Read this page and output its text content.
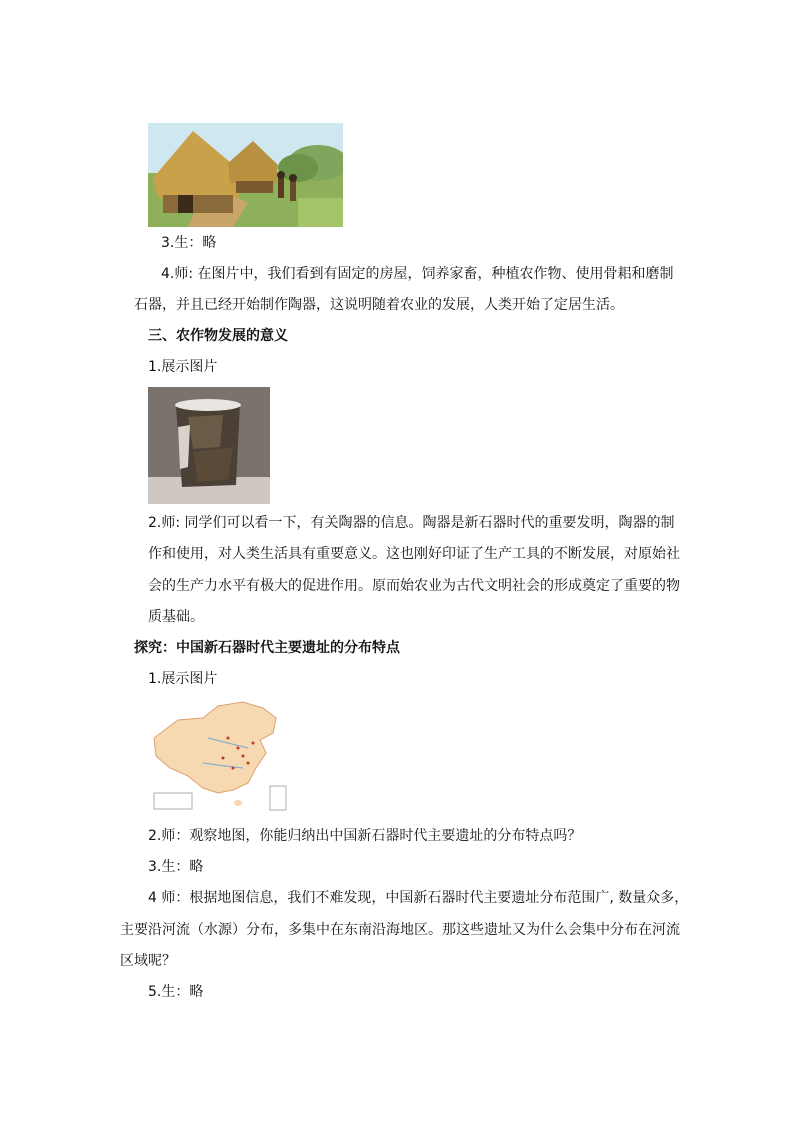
3.生：略
4.师: 在图片中，我们看到有固定的房屋，饲养家畜，种植农作物、使用骨耜和磨制
石器，并且已经开始制作陶器，这说明随着农业的发展，人类开始了定居生活。
三、农作物发展的意义
1.展示图片
2.师: 同学们可以看一下，有关陶器的信息。陶器是新石器时代的重要发明，陶器的制
作和使用，对人类生活具有重要意义。这也刚好印证了生产工具的不断发展，对原始社
会的生产力水平有极大的促进作用。原而始农业为古代文明社会的形成奠定了重要的物
质基础。
探究：中国新石器时代主要遗址的分布特点
1.展示图片
2.师：观察地图，你能归纳出中国新石器时代主要遗址的分布特点吗？
3.生：略
4 师：根据地图信息，我们不难发现，中国新石器时代主要遗址分布范围广, 数量众多，
主要沿河流（水源）分布，多集中在东南沿海地区。那这些遗址又为什么会集中分布在河流
区域呢？
5.生：略
